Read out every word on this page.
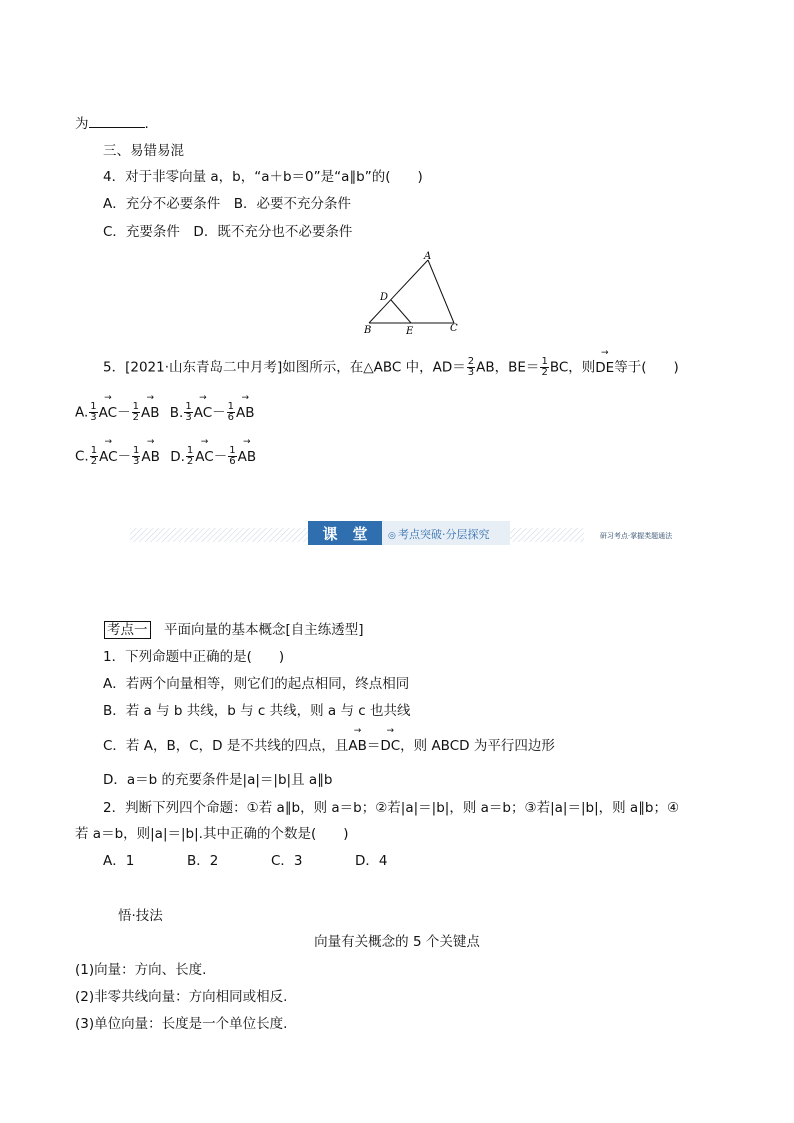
为	.
三、易错易混
4．对于非零向量 a，b，“a＋b＝0”是“a∥b”的(　　)
A．充分不必要条件　B．必要不充分条件
C．充要条件　D．既不充分也不必要条件
A
B	C
D
E
5．[2021·山东青岛二中月考]如图所示，在△ABC 中，$AD= \frac{2}{3}$ AB，$BE= \frac{1}{2}$ BC，则
→
DE等于(　　)
A. $\frac{1}{3}$
→
$AC- \frac{1}{2}$
→
AB B. $\frac{1}{3}$
→
$AC- \frac{1}{6}$
→
AB
C. $\frac{1}{2}$
→
$AC- \frac{1}{3}$
→
AB D. $\frac{1}{2}$
→
$AC- \frac{1}{6}$
→
AB
课　堂 ◎ 考点突破·分层探究	研习考点·掌握类题通法
考点一　平面向量的基本概念[自主练透型]
1．下列命题中正确的是(　　)
A．若两个向量相等，则它们的起点相同，终点相同
B．若 a 与 b 共线，b 与 c 共线，则 a 与 c 也共线
C．若 A，B，C，D 是不共线的四点，且
→
AB＝
→
DC，则 ABCD 为平行四边形
D．a＝b 的充要条件是|a|＝|b|且 a∥b
2．判断下列四个命题：①若 a∥b，则 a＝b；②若|a|＝|b|，则 a＝b；③若|a|＝|b|，则 a∥b；④
若 a＝b，则|a|＝|b|.其中正确的个数是(　　)
A．1	B．2	C．3	D．4
悟·技法
向量有关概念的 5 个关键点
(1)向量：方向、长度.
(2)非零共线向量：方向相同或相反.
(3)单位向量：长度是一个单位长度.
